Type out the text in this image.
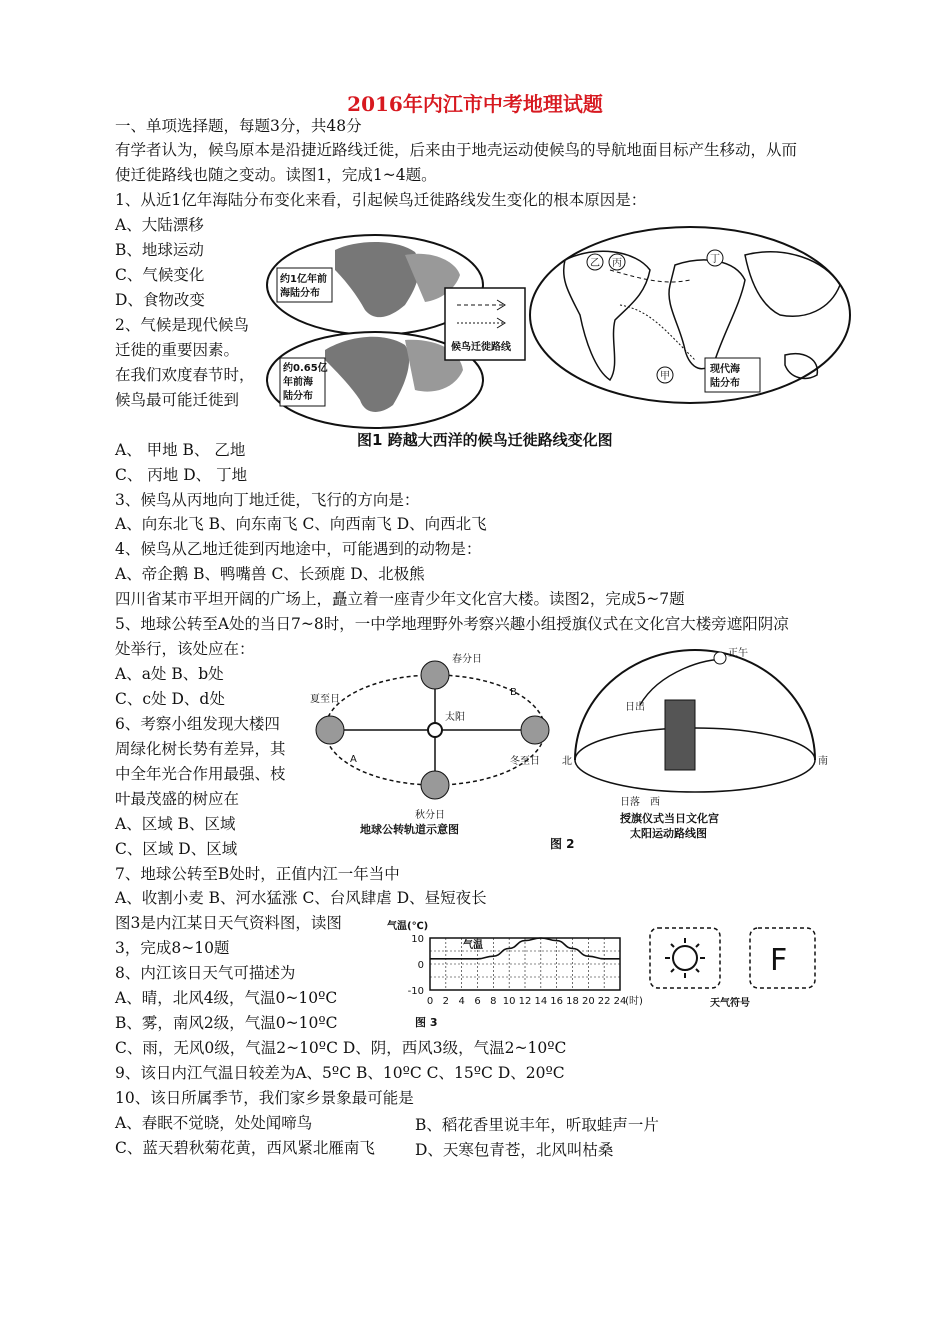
2016年内江市中考地理试题
一、单项选择题，每题3分，共48分
有学者认为，候鸟原本是沿捷近路线迁徙，后来由于地壳运动使候鸟的导航地面目标产生移动，从而
使迁徙路线也随之变动。读图1，完成1~4题。
1、从近1亿年海陆分布变化来看，引起候鸟迁徙路线发生变化的根本原因是：
A、大陆漂移
B、地球运动
C、气候变化
D、食物改变
2、气候是现代候鸟
迁徙的重要因素。
在我们欢度春节时，
候鸟最可能迁徙到
A、 甲地 B、 乙地
C、 丙地 D、 丁地
3、候鸟从丙地向丁地迁徙，飞行的方向是：
A、向东北飞 B、向东南飞 C、向西南飞 D、向西北飞
4、候鸟从乙地迁徙到丙地途中，可能遇到的动物是：
A、帝企鹅 B、鸭嘴兽 C、长颈鹿 D、北极熊
四川省某市平坦开阔的广场上，矗立着一座青少年文化宫大楼。读图2，完成5~7题
5、地球公转至A处的当日7~8时，一中学地理野外考察兴趣小组授旗仪式在文化宫大楼旁遮阳阴凉
处举行，该处应在：
A、a处 B、b处
C、c处 D、d处
6、考察小组发现大楼四
周绿化树长势有差异，其
中全年光合作用最强、枝
叶最茂盛的树应在
A、区域 B、区域
C、区域 D、区域
7、地球公转至B处时，正值内江一年当中
A、收割小麦 B、河水猛涨 C、台风肆虐 D、昼短夜长
图3是内江某日天气资料图，读图
3，完成8~10题
8、内江该日天气可描述为
A、晴，北风4级，气温0~10ºC
B、雾，南风2级，气温0~10ºC
C、雨，无风0级，气温2~10ºC D、阴，西风3级，气温2~10ºC
9、该日内江气温日较差为A、5ºC B、10ºC C、15ºC D、20ºC
10、该日所属季节，我们家乡景象最可能是
A、春眠不觉晓，处处闻啼鸟	B、稻花香里说丰年，听取蛙声一片
C、蓝天碧秋菊花黄，西风紧北雁南飞	D、天寒包青苍，北风叫枯桑
约1亿年前
海陆分布
约0.65亿
年前海
陆分布
候鸟迁徙路线
乙 丙	丁
甲
现代海
陆分布
图1 跨越大西洋的候鸟迁徙路线变化图
太阳
春分日
夏至日
秋分日
冬至日
A
B
地球公转轨道示意图
正午
日出
日落 西
北	南
授旗仪式当日文化宫
太阳运动路线图
图 2
气温(℃)
10
0
-10
0 2 4 6 8 10 12 14 16 18 20 22 24
(时)
气温
图 3
F
天气符号
